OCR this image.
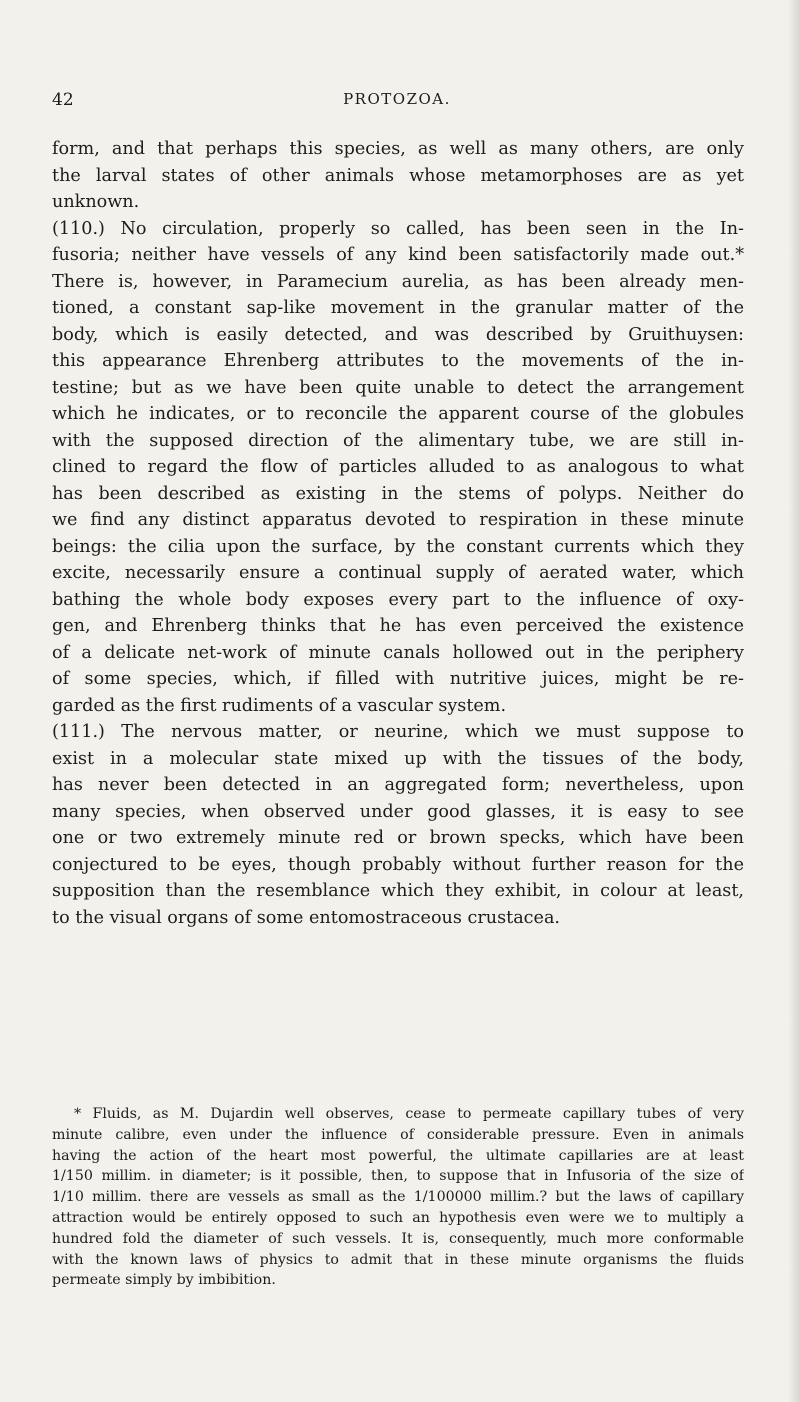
42	PROTOZOA.
form, and that perhaps this species, as well as many others, are only
the larval states of other animals whose metamorphoses are as yet
unknown.
(110.) No circulation, properly so called, has been seen in the In-
fusoria; neither have vessels of any kind been satisfactorily made out.*
There is, however, in Paramecium aurelia, as has been already men-
tioned, a constant sap-like movement in the granular matter of the
body, which is easily detected, and was described by Gruithuysen:
this appearance Ehrenberg attributes to the movements of the in-
testine; but as we have been quite unable to detect the arrangement
which he indicates, or to reconcile the apparent course of the globules
with the supposed direction of the alimentary tube, we are still in-
clined to regard the flow of particles alluded to as analogous to what
has been described as existing in the stems of polyps. Neither do
we find any distinct apparatus devoted to respiration in these minute
beings: the cilia upon the surface, by the constant currents which they
excite, necessarily ensure a continual supply of aerated water, which
bathing the whole body exposes every part to the influence of oxy-
gen, and Ehrenberg thinks that he has even perceived the existence
of a delicate net-work of minute canals hollowed out in the periphery
of some species, which, if filled with nutritive juices, might be re-
garded as the first rudiments of a vascular system.
(111.) The nervous matter, or neurine, which we must suppose to
exist in a molecular state mixed up with the tissues of the body,
has never been detected in an aggregated form; nevertheless, upon
many species, when observed under good glasses, it is easy to see
one or two extremely minute red or brown specks, which have been
conjectured to be eyes, though probably without further reason for the
supposition than the resemblance which they exhibit, in colour at least,
to the visual organs of some entomostraceous crustacea.
* Fluids, as M. Dujardin well observes, cease to permeate capillary tubes of very
minute calibre, even under the influence of considerable pressure. Even in animals
having the action of the heart most powerful, the ultimate capillaries are at least
1/150 millim. in diameter; is it possible, then, to suppose that in Infusoria of the size of
1/10 millim. there are vessels as small as the 1/100000 millim.? but the laws of capillary
attraction would be entirely opposed to such an hypothesis even were we to multiply a
hundred fold the diameter of such vessels. It is, consequently, much more conformable
with the known laws of physics to admit that in these minute organisms the fluids
permeate simply by imbibition.
